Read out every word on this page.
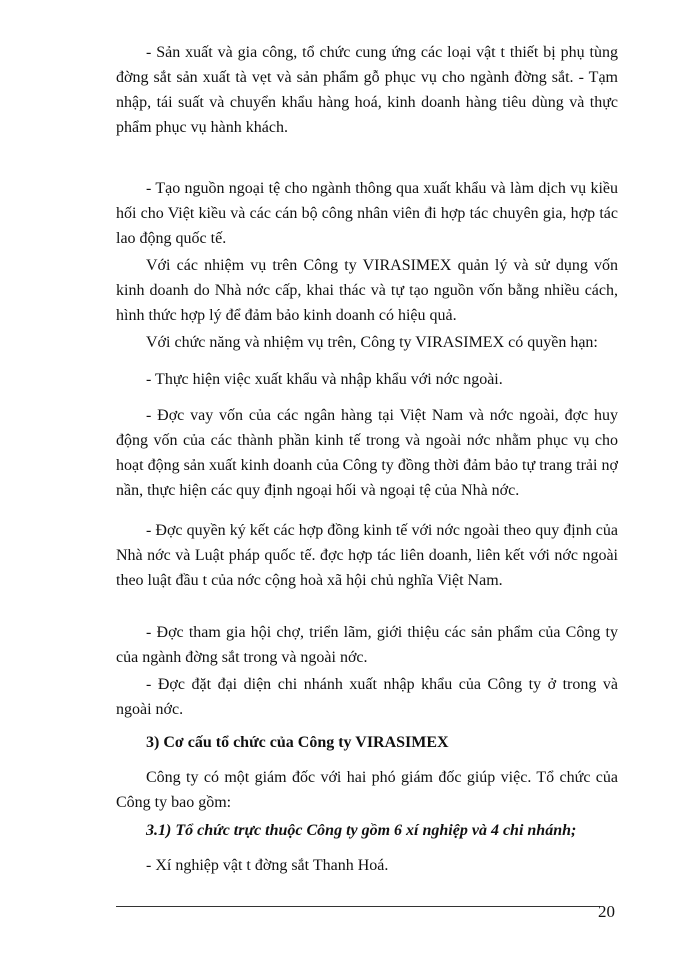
- Sản xuất và gia công, tổ chức cung ứng các loại vật t thiết bị phụ tùng đờng sắt sản xuất tà vẹt và sản phẩm gỗ phục vụ cho ngành đờng sắt. - Tạm nhập, tái suất và chuyển khẩu hàng hoá, kinh doanh hàng tiêu dùng và thực phẩm phục vụ hành khách.

- Tạo nguồn ngoại tệ cho ngành thông qua xuất khẩu và làm dịch vụ kiều hối cho Việt kiều và các cán bộ công nhân viên đi hợp tác chuyên gia, hợp tác lao động quốc tế.

Với các nhiệm vụ trên Công ty VIRASIMEX quản lý và sử dụng vốn kinh doanh do Nhà nớc cấp, khai thác và tự tạo nguồn vốn bằng nhiều cách, hình thức hợp lý để đảm bảo kinh doanh có hiệu quả.

Với chức năng và nhiệm vụ trên, Công ty VIRASIMEX có quyền hạn:

- Thực hiện việc xuất khẩu và nhập khẩu với nớc ngoài.

- Đợc vay vốn của các ngân hàng tại Việt Nam và nớc ngoài, đợc huy động vốn của các thành phần kinh tế trong và ngoài nớc nhằm phục vụ cho hoạt động sản xuất kinh doanh của Công ty đồng thời đảm bảo tự trang trải nợ nần, thực hiện các quy định ngoại hối và ngoại tệ của Nhà nớc.

- Đợc quyền ký kết các hợp đồng kinh tế với nớc ngoài theo quy định của Nhà nớc và Luật pháp quốc tế. đợc hợp tác liên doanh, liên kết với nớc ngoài theo luật đầu t của nớc cộng hoà xã hội chủ nghĩa Việt Nam.

- Đợc tham gia hội chợ, triển lãm, giới thiệu các sản phẩm của Công ty của ngành đờng sắt trong và ngoài nớc.

- Đợc đặt đại diện chi nhánh xuất nhập khẩu của Công ty ở trong và ngoài nớc.

3) Cơ cấu tổ chức của Công ty VIRASIMEX

Công ty có một giám đốc với hai phó giám đốc giúp việc. Tổ chức của Công ty bao gồm:

3.1) Tổ chức trực thuộc Công ty gồm 6 xí nghiệp và 4 chi nhánh;

- Xí nghiệp vật t đờng sắt Thanh Hoá.

20
